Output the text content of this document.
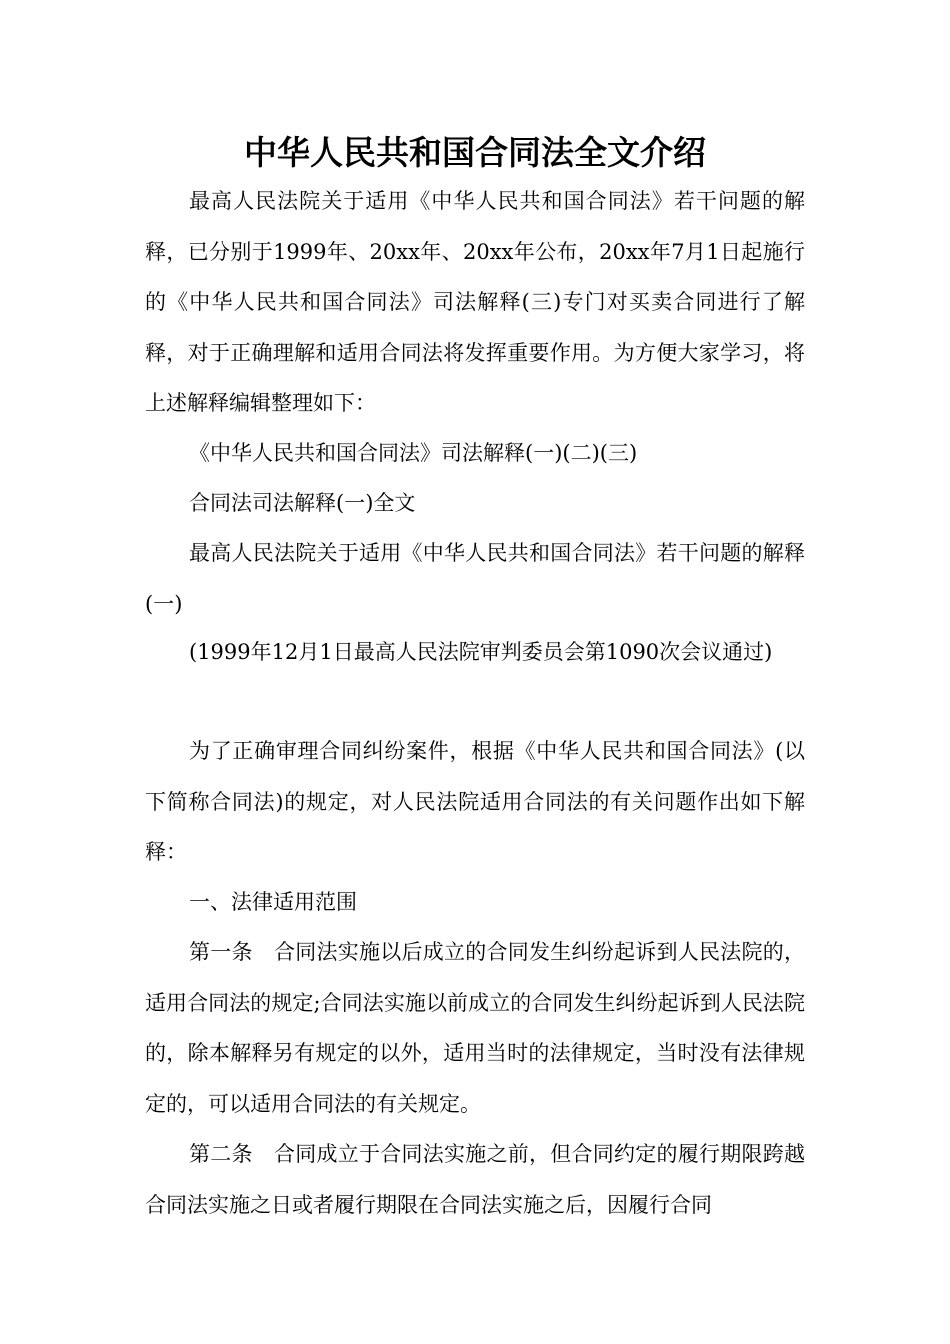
中华人民共和国合同法全文介绍

最高人民法院关于适用《中华人民共和国合同法》若干问题的解释，已分别于1999年、20xx年、20xx年公布，20xx年7月1日起施行的《中华人民共和国合同法》司法解释(三)专门对买卖合同进行了解释，对于正确理解和适用合同法将发挥重要作用。为方便大家学习，将上述解释编辑整理如下：

《中华人民共和国合同法》司法解释(一)(二)(三)

合同法司法解释(一)全文

最高人民法院关于适用《中华人民共和国合同法》若干问题的解释(一)

(1999年12月1日最高人民法院审判委员会第1090次会议通过)

为了正确审理合同纠纷案件，根据《中华人民共和国合同法》(以下简称合同法)的规定，对人民法院适用合同法的有关问题作出如下解释：

一、法律适用范围

第一条　合同法实施以后成立的合同发生纠纷起诉到人民法院的，适用合同法的规定;合同法实施以前成立的合同发生纠纷起诉到人民法院的，除本解释另有规定的以外，适用当时的法律规定，当时没有法律规定的，可以适用合同法的有关规定。

第二条　合同成立于合同法实施之前，但合同约定的履行期限跨越合同法实施之日或者履行期限在合同法实施之后，因履行合同
